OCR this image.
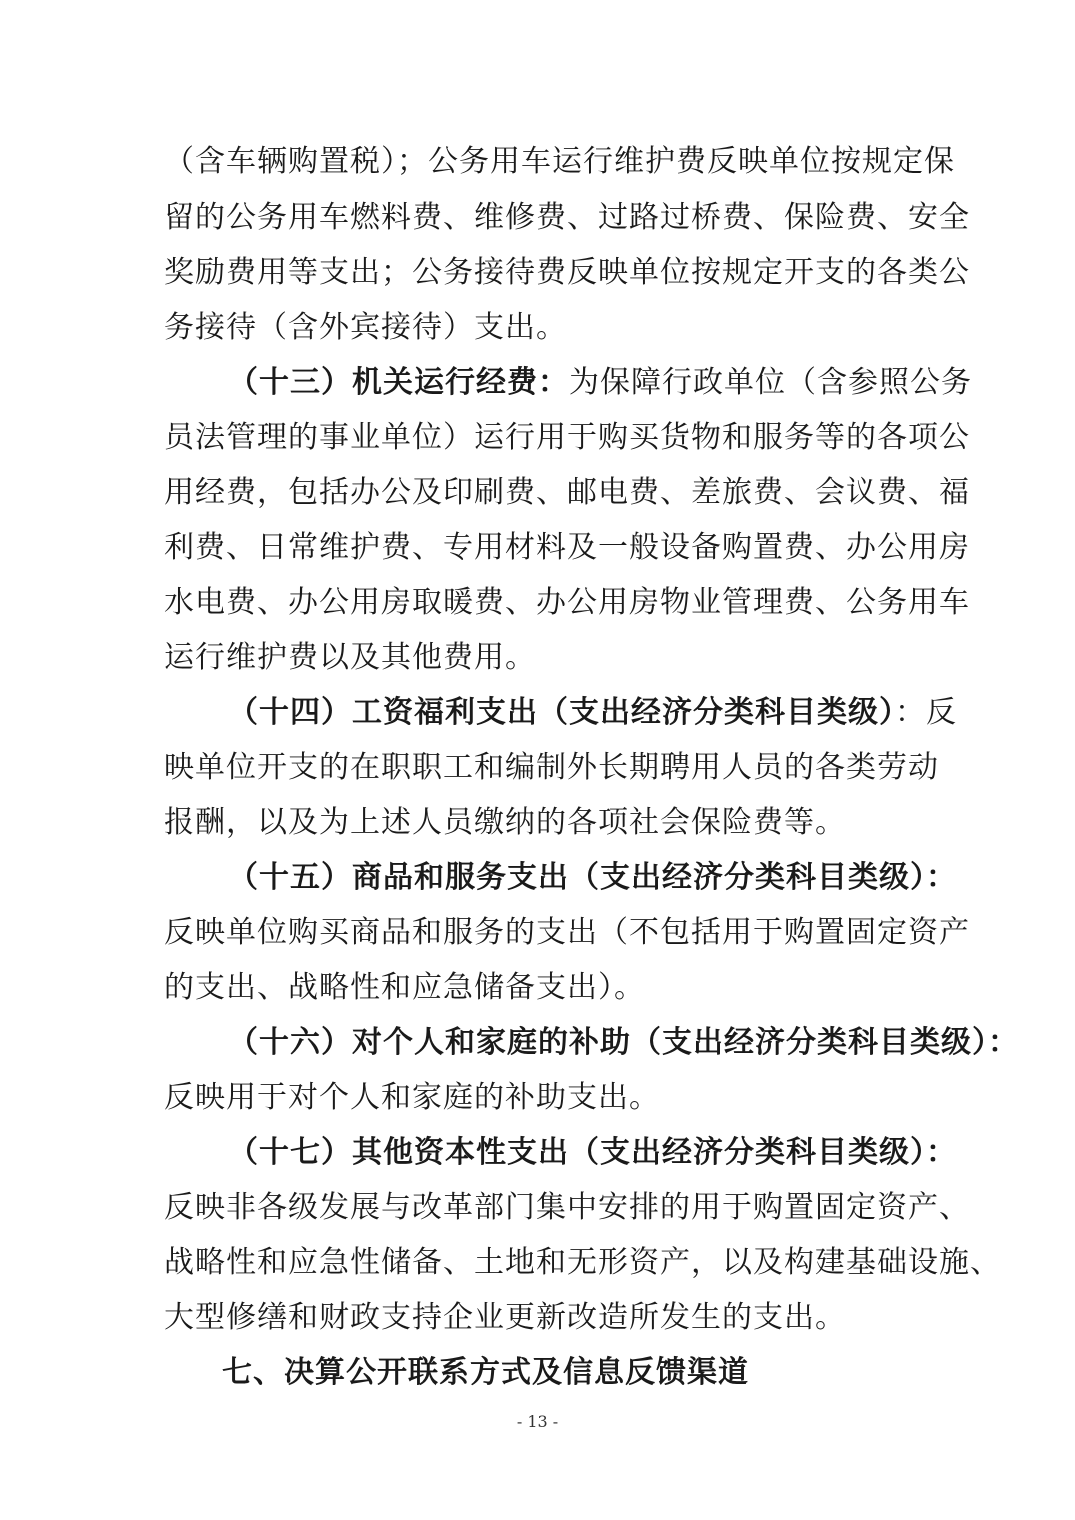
（含车辆购置税）；公务用车运行维护费反映单位按规定保
留的公务用车燃料费、维修费、过路过桥费、保险费、安全
奖励费用等支出；公务接待费反映单位按规定开支的各类公
务接待（含外宾接待）支出。
（十三）机关运行经费：为保障行政单位（含参照公务
员法管理的事业单位）运行用于购买货物和服务等的各项公
用经费，包括办公及印刷费、邮电费、差旅费、会议费、福
利费、日常维护费、专用材料及一般设备购置费、办公用房
水电费、办公用房取暖费、办公用房物业管理费、公务用车
运行维护费以及其他费用。
（十四）工资福利支出（支出经济分类科目类级）：反
映单位开支的在职职工和编制外长期聘用人员的各类劳动
报酬，以及为上述人员缴纳的各项社会保险费等。
（十五）商品和服务支出（支出经济分类科目类级）：
反映单位购买商品和服务的支出（不包括用于购置固定资产
的支出、战略性和应急储备支出）。
（十六）对个人和家庭的补助（支出经济分类科目类级）：
反映用于对个人和家庭的补助支出。
（十七）其他资本性支出（支出经济分类科目类级）：
反映非各级发展与改革部门集中安排的用于购置固定资产、
战略性和应急性储备、土地和无形资产，以及构建基础设施、
大型修缮和财政支持企业更新改造所发生的支出。
七、决算公开联系方式及信息反馈渠道
- 13 -
